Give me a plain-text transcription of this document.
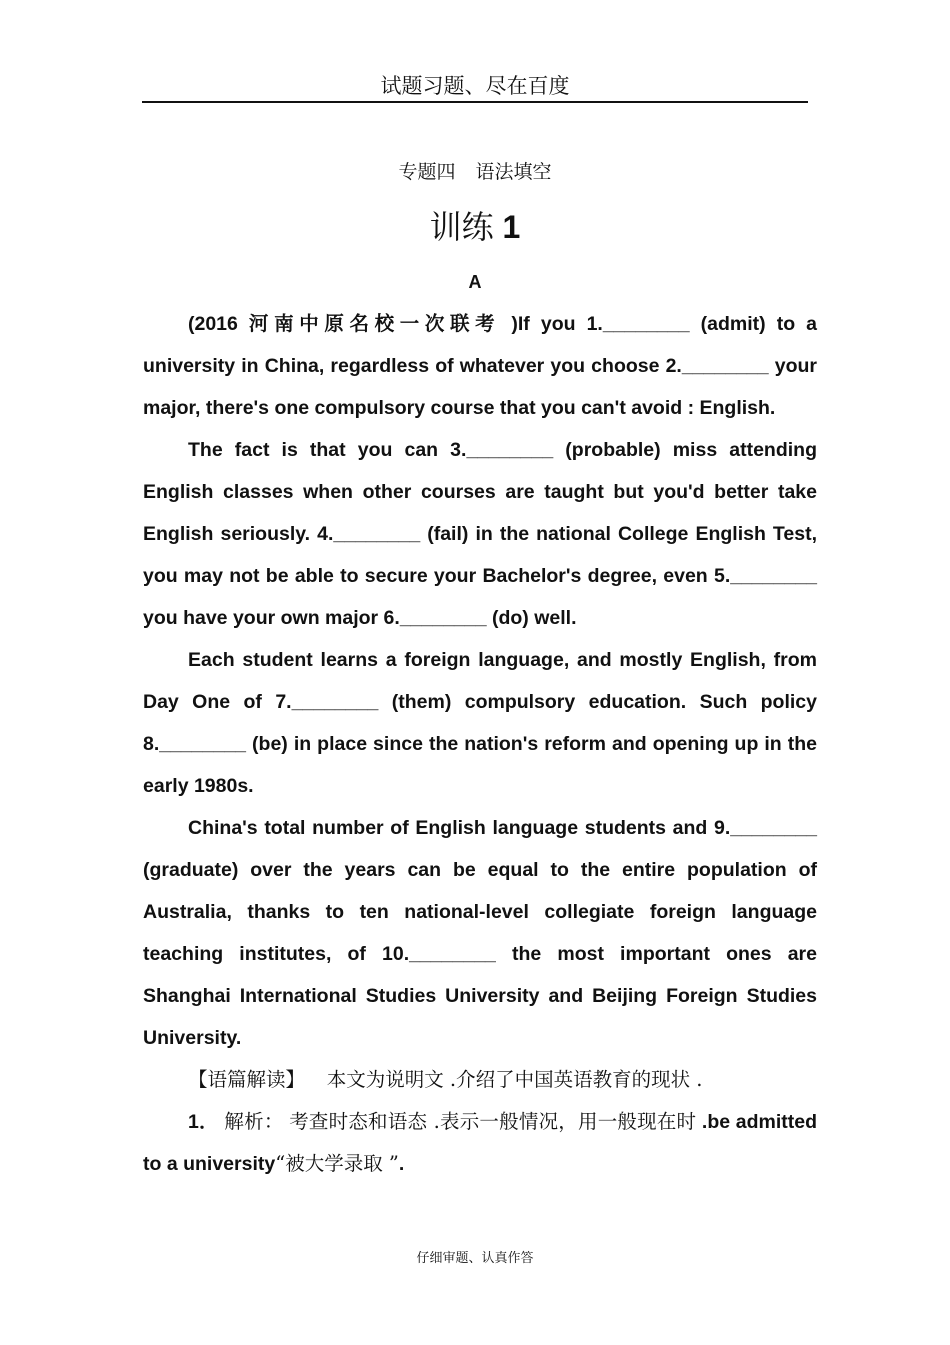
试题习题、尽在百度
专题四 语法填空
训练 1
A

(2016 河南中原名校一次联考 )If you 1.________ (admit) to a university in China, regardless of whatever you choose 2.________ your major, there's one compulsory course that you can't avoid : English.

The fact is that you can 3.________ (probable) miss attending English classes when other courses are taught but you'd better take English seriously. 4.________ (fail) in the national College English Test, you may not be able to secure your Bachelor's degree, even 5.________ you have your own major 6.________ (do) well.

Each student learns a foreign language, and mostly English, from Day One of 7.________ (them) compulsory education. Such policy 8.________ (be) in place since the nation's reform and opening up in the early 1980s.

China's total number of English language students and 9.________ (graduate) over the years can be equal to the entire population of Australia, thanks to ten national-level collegiate foreign language teaching institutes, of 10.________ the most important ones are Shanghai International Studies University and Beijing Foreign Studies University.

【语篇解读】 本文为说明文 .介绍了中国英语教育的现状 .

1． 解析： 考查时态和语态 .表示一般情况，用一般现在时 .be admitted to a university“被大学录取 ”.

仔细审题、认真作答
